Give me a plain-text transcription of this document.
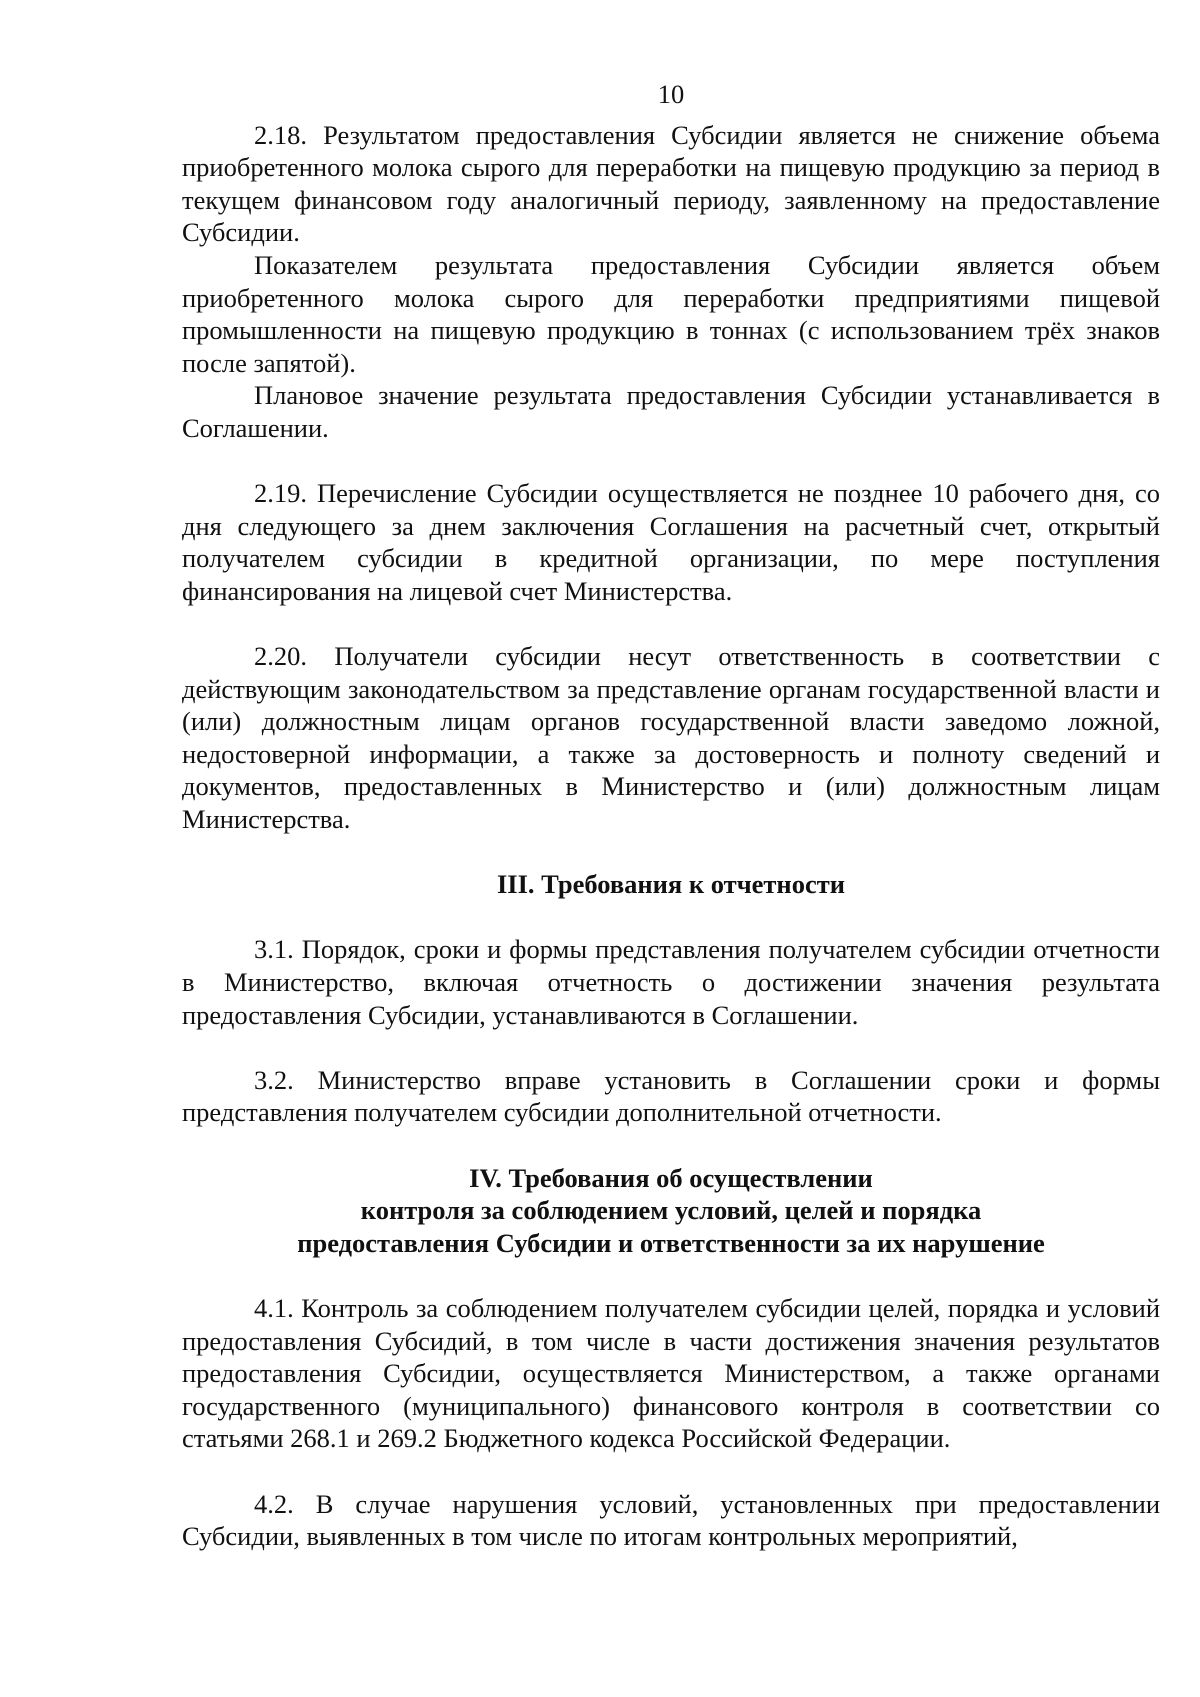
10

2.18. Результатом предоставления Субсидии является не снижение объема приобретенного молока сырого для переработки на пищевую продукцию за период в текущем финансовом году аналогичный периоду, заявленному на предоставление Субсидии.

Показателем результата предоставления Субсидии является объем приобретенного молока сырого для переработки предприятиями пищевой промышленности на пищевую продукцию в тоннах (с использованием трёх знаков после запятой).

Плановое значение результата предоставления Субсидии устанавливается в Соглашении.

2.19. Перечисление Субсидии осуществляется не позднее 10 рабочего дня, со дня следующего за днем заключения Соглашения на расчетный счет, открытый получателем субсидии в кредитной организации, по мере поступления финансирования на лицевой счет Министерства.

2.20. Получатели субсидии несут ответственность в соответствии с действующим законодательством за представление органам государственной власти и (или) должностным лицам органов государственной власти заведомо ложной, недостоверной информации, а также за достоверность и полноту сведений и документов, предоставленных в Министерство и (или) должностным лицам Министерства.

III. Требования к отчетности

3.1. Порядок, сроки и формы представления получателем субсидии отчетности в Министерство, включая отчетность о достижении значения результата предоставления Субсидии, устанавливаются в Соглашении.

3.2. Министерство вправе установить в Соглашении сроки и формы представления получателем субсидии дополнительной отчетности.

IV. Требования об осуществлении
контроля за соблюдением условий, целей и порядка
предоставления Субсидии и ответственности за их нарушение

4.1. Контроль за соблюдением получателем субсидии целей, порядка и условий предоставления Субсидий, в том числе в части достижения значения результатов предоставления Субсидии, осуществляется Министерством, а также органами государственного (муниципального) финансового контроля в соответствии со статьями 268.1 и 269.2 Бюджетного кодекса Российской Федерации.

4.2. В случае нарушения условий, установленных при предоставлении Субсидии, выявленных в том числе по итогам контрольных мероприятий,
